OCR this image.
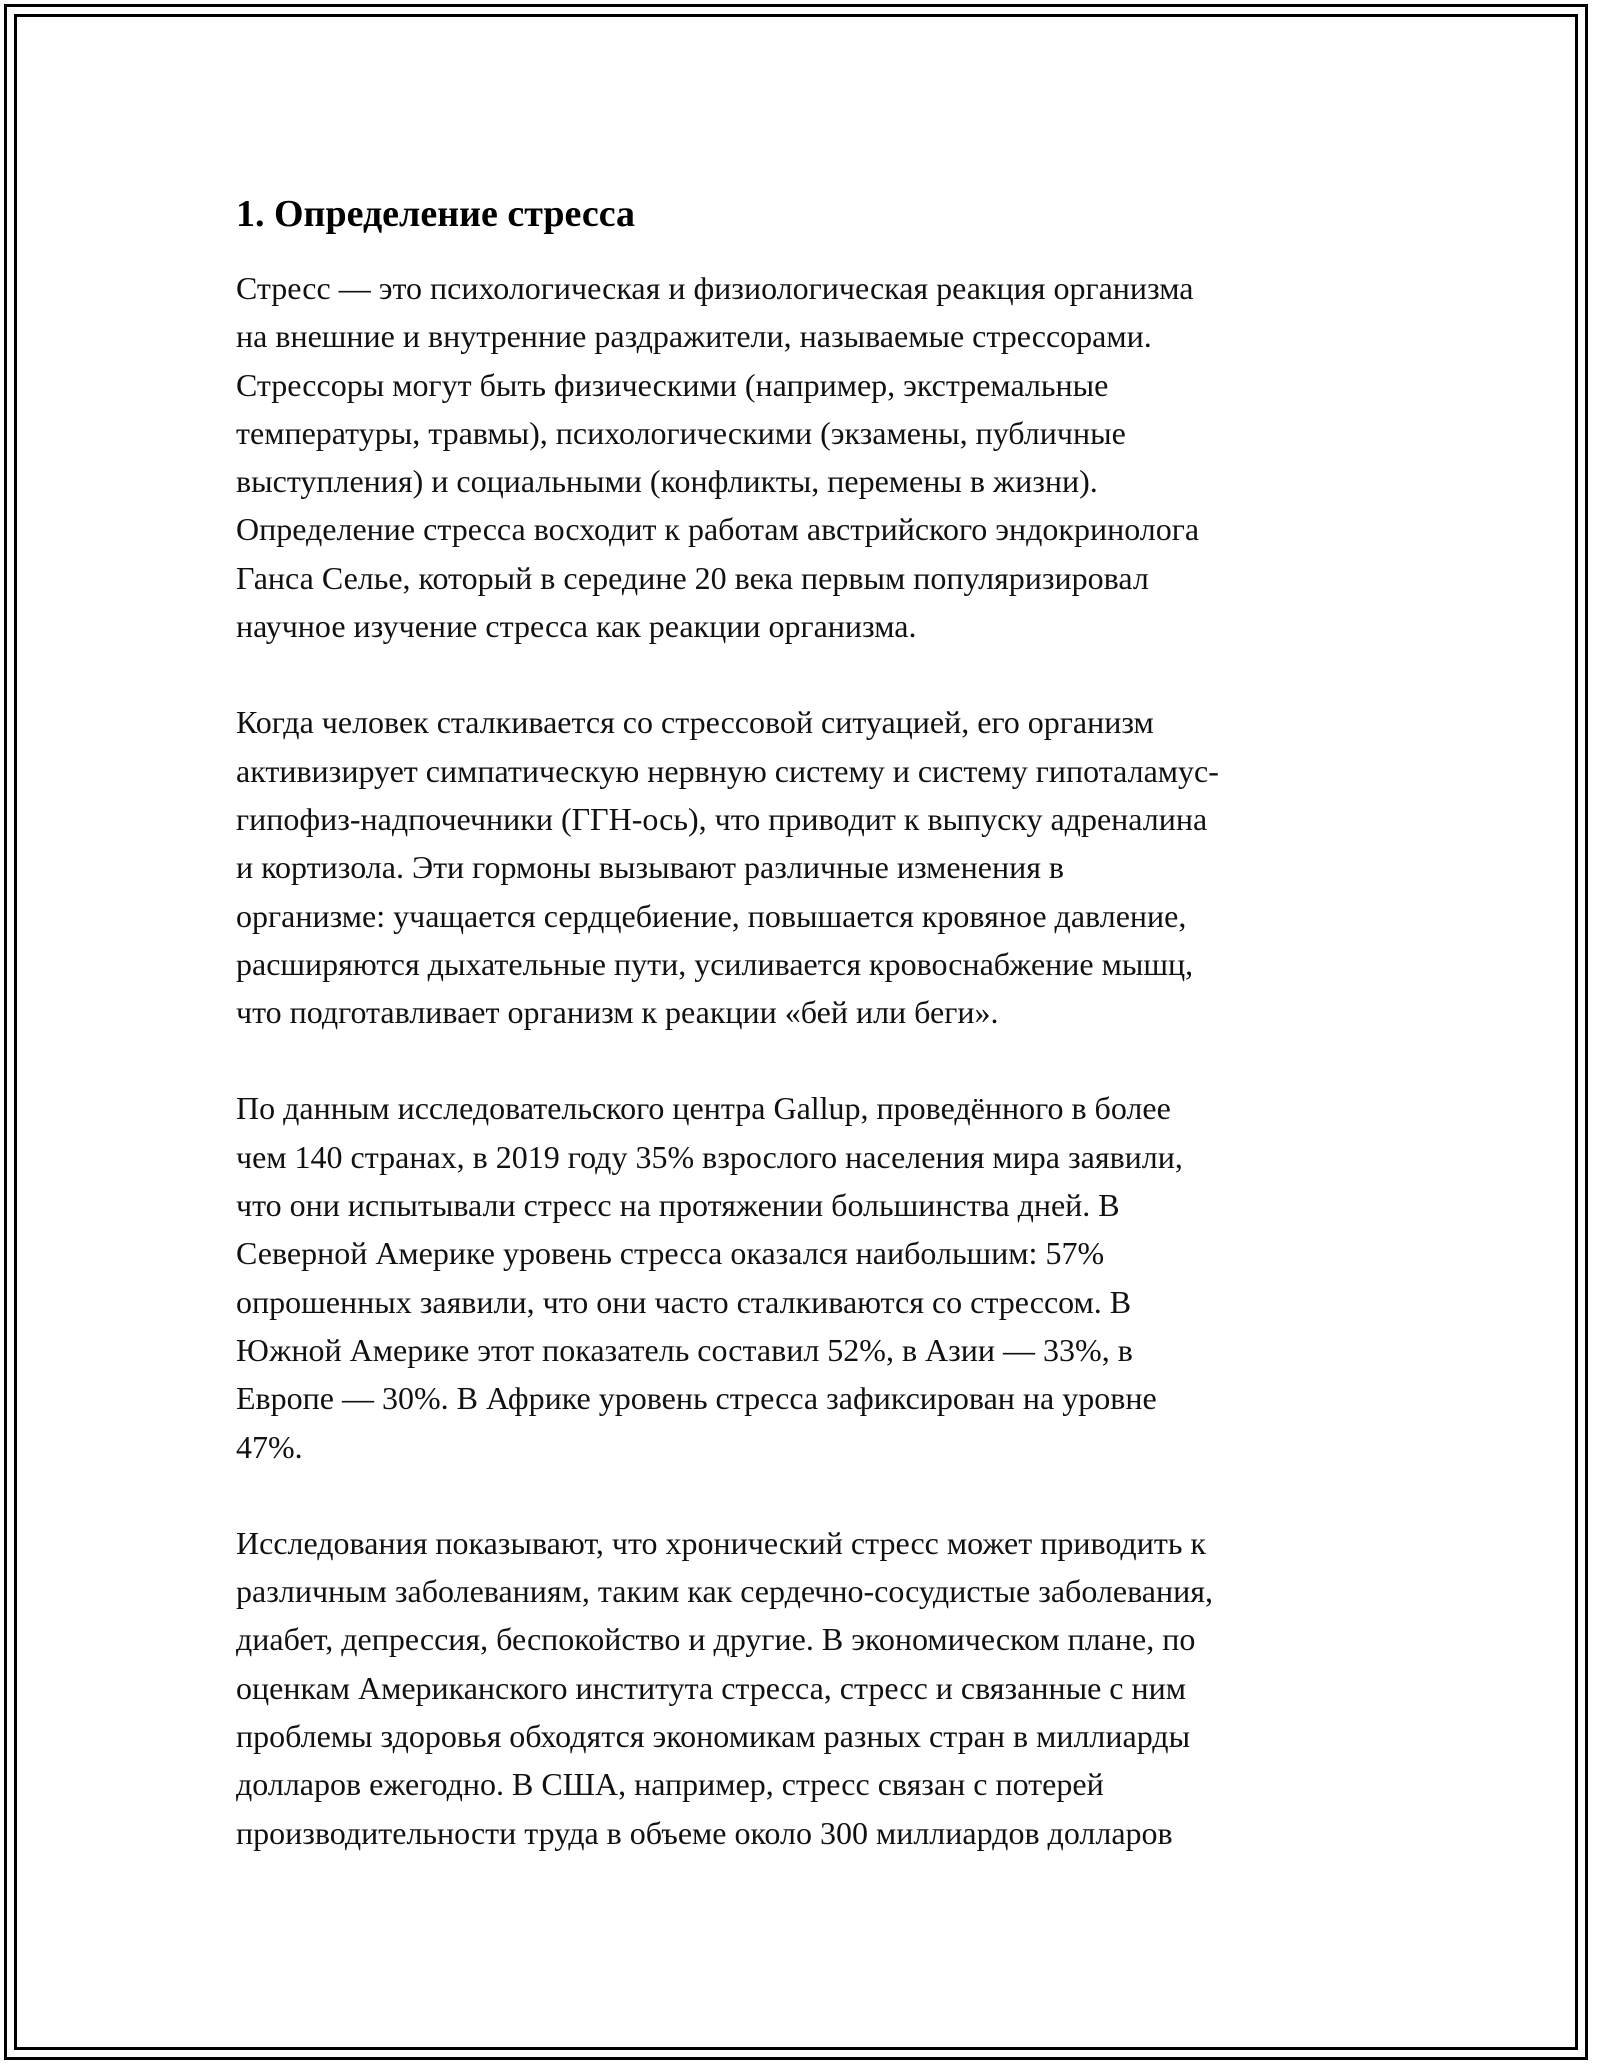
1. Определение стресса

Стресс — это психологическая и физиологическая реакция организма
на внешние и внутренние раздражители, называемые стрессорами.
Стрессоры могут быть физическими (например, экстремальные
температуры, травмы), психологическими (экзамены, публичные
выступления) и социальными (конфликты, перемены в жизни).
Определение стресса восходит к работам австрийского эндокринолога
Ганса Селье, который в середине 20 века первым популяризировал
научное изучение стресса как реакции организма.

Когда человек сталкивается со стрессовой ситуацией, его организм
активизирует симпатическую нервную систему и систему гипоталамус-
гипофиз-надпочечники (ГГН-ось), что приводит к выпуску адреналина
и кортизола. Эти гормоны вызывают различные изменения в
организме: учащается сердцебиение, повышается кровяное давление,
расширяются дыхательные пути, усиливается кровоснабжение мышц,
что подготавливает организм к реакции «бей или беги».

По данным исследовательского центра Gallup, проведённого в более
чем 140 странах, в 2019 году 35% взрослого населения мира заявили,
что они испытывали стресс на протяжении большинства дней. В
Северной Америке уровень стресса оказался наибольшим: 57%
опрошенных заявили, что они часто сталкиваются со стрессом. В
Южной Америке этот показатель составил 52%, в Азии — 33%, в
Европе — 30%. В Африке уровень стресса зафиксирован на уровне
47%.

Исследования показывают, что хронический стресс может приводить к
различным заболеваниям, таким как сердечно-сосудистые заболевания,
диабет, депрессия, беспокойство и другие. В экономическом плане, по
оценкам Американского института стресса, стресс и связанные с ним
проблемы здоровья обходятся экономикам разных стран в миллиарды
долларов ежегодно. В США, например, стресс связан с потерей
производительности труда в объеме около 300 миллиардов долларов
